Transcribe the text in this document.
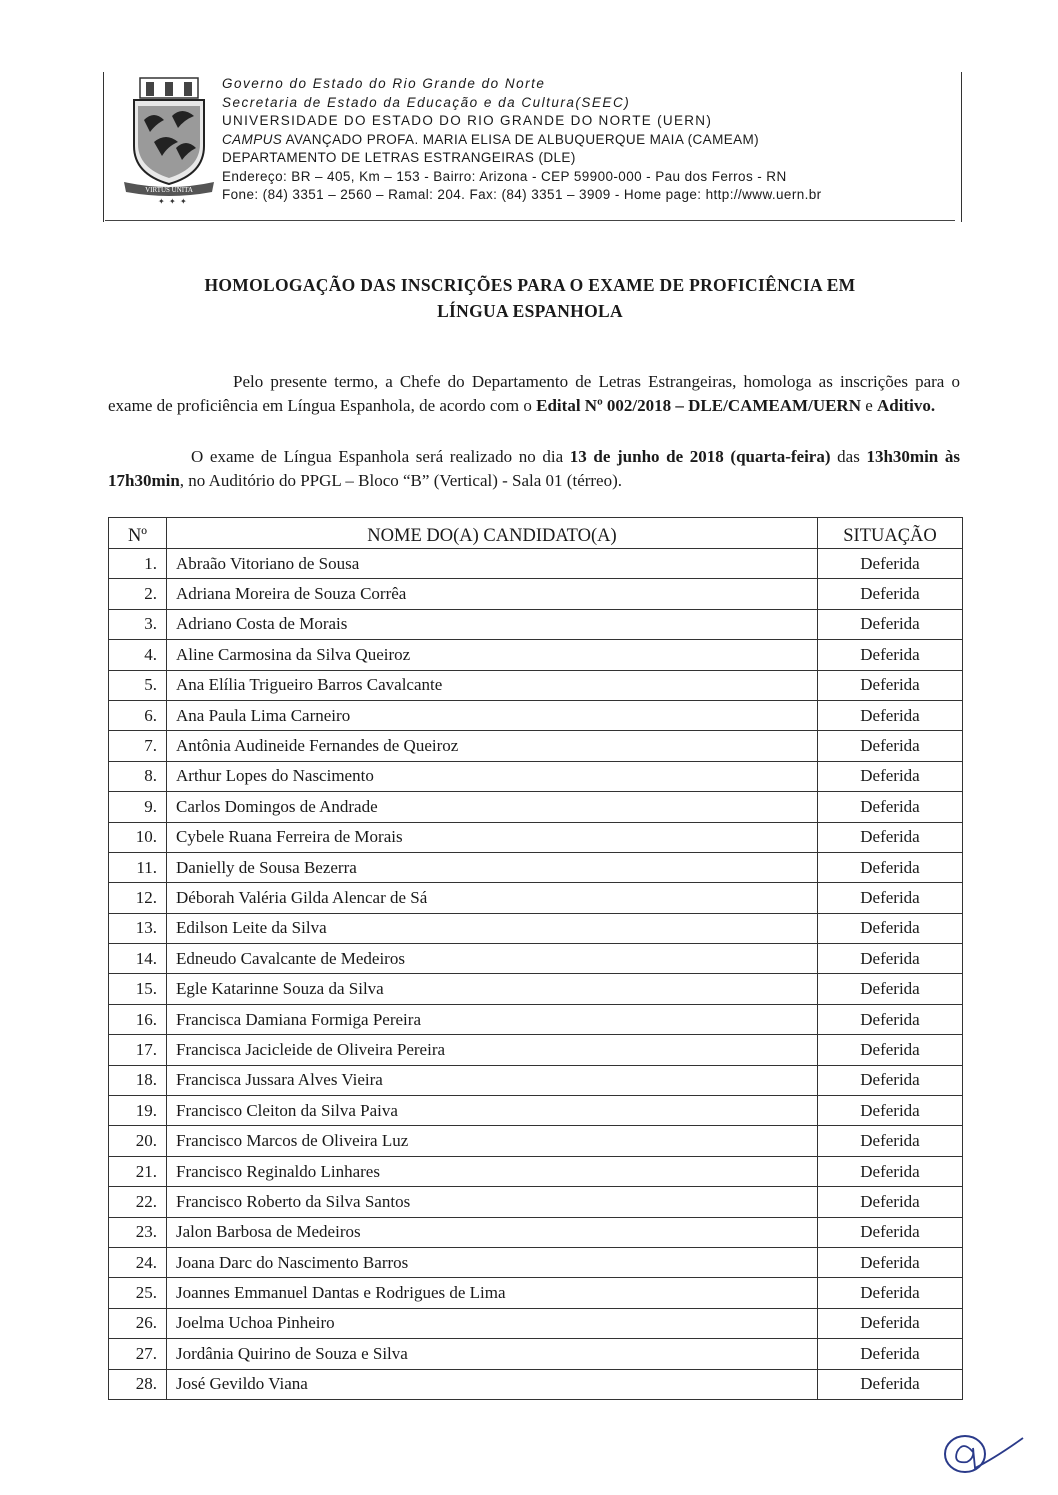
VIRTUS UNITA
✦ ✦ ✦
Governo do Estado do Rio Grande do Norte
Secretaria de Estado da Educação e da Cultura(SEEC)
UNIVERSIDADE DO ESTADO DO RIO GRANDE DO NORTE (UERN)
CAMPUS AVANÇADO PROFA. MARIA ELISA DE ALBUQUERQUE MAIA (CAMEAM)
DEPARTAMENTO DE LETRAS ESTRANGEIRAS (DLE)
Endereço: BR – 405, Km – 153 - Bairro: Arizona - CEP 59900-000 - Pau dos Ferros - RN
Fone: (84) 3351 – 2560 – Ramal: 204. Fax: (84) 3351 – 3909 - Home page: http://www.uern.br
HOMOLOGAÇÃO DAS INSCRIÇÕES PARA O EXAME DE PROFICIÊNCIA EM
LÍNGUA ESPANHOLA
Pelo presente termo, a Chefe do Departamento de Letras Estrangeiras, homologa as inscrições para o exame de proficiência em Língua Espanhola, de acordo com o Edital Nº 002/2018 – DLE/CAMEAM/UERN e Aditivo.
O exame de Língua Espanhola será realizado no dia 13 de junho de 2018 (quarta-feira) das 13h30min às 17h30min, no Auditório do PPGL – Bloco “B” (Vertical) - Sala 01 (térreo).
Nº	NOME DO(A) CANDIDATO(A)	SITUAÇÃO
1.	Abraão Vitoriano de Sousa	Deferida
2.	Adriana Moreira de Souza Corrêa	Deferida
3.	Adriano Costa de Morais	Deferida
4.	Aline Carmosina da Silva Queiroz	Deferida
5.	Ana Elília Trigueiro Barros Cavalcante	Deferida
6.	Ana Paula Lima Carneiro	Deferida
7.	Antônia Audineide Fernandes de Queiroz	Deferida
8.	Arthur Lopes do Nascimento	Deferida
9.	Carlos Domingos de Andrade	Deferida
10.	Cybele Ruana Ferreira de Morais	Deferida
11.	Danielly de Sousa Bezerra	Deferida
12.	Déborah Valéria Gilda Alencar de Sá	Deferida
13.	Edilson Leite da Silva	Deferida
14.	Edneudo Cavalcante de Medeiros	Deferida
15.	Egle Katarinne Souza da Silva	Deferida
16.	Francisca Damiana Formiga Pereira	Deferida
17.	Francisca Jacicleide de Oliveira Pereira	Deferida
18.	Francisca Jussara Alves Vieira	Deferida
19.	Francisco Cleiton da Silva Paiva	Deferida
20.	Francisco Marcos de Oliveira Luz	Deferida
21.	Francisco Reginaldo Linhares	Deferida
22.	Francisco Roberto da Silva Santos	Deferida
23.	Jalon Barbosa de Medeiros	Deferida
24.	Joana Darc do Nascimento Barros	Deferida
25.	Joannes Emmanuel Dantas e Rodrigues de Lima	Deferida
26.	Joelma Uchoa Pinheiro	Deferida
27.	Jordânia Quirino de Souza e Silva	Deferida
28.	José Gevildo Viana	Deferida
